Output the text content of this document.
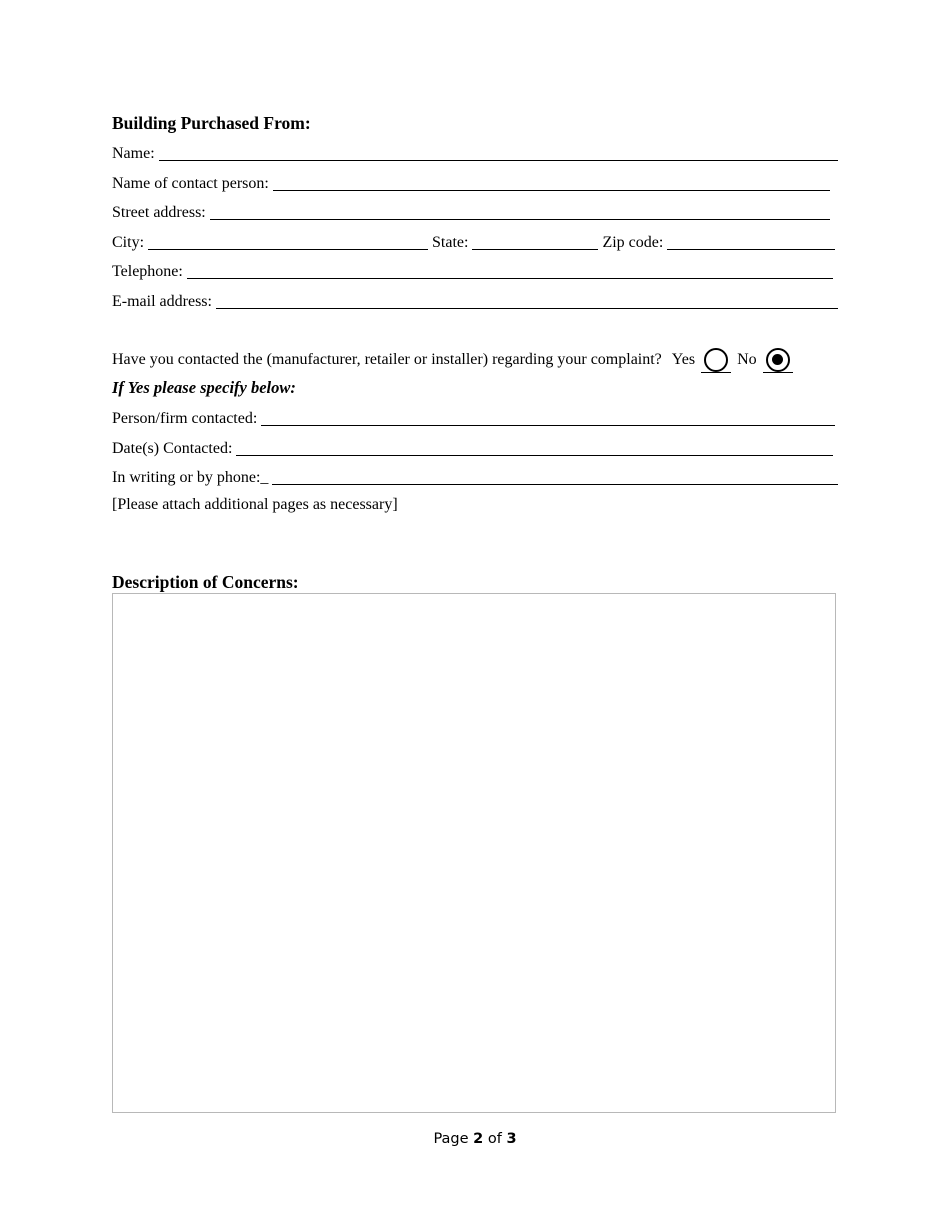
Building Purchased From:
Name:
Name of contact person:
Street address:
City:	State:	Zip code:
Telephone:
E-mail address:
Have you contacted the (manufacturer, retailer or installer) regarding your complaint? Yes	No
If Yes please specify below:
Person/firm contacted:
Date(s) Contacted:
In writing or by phone:_
[Please attach additional pages as necessary]
Description of Concerns:
Page 2 of 3
